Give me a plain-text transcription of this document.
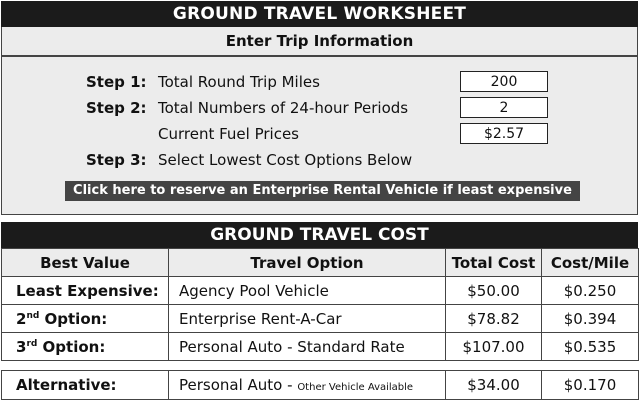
GROUND TRAVEL WORKSHEET
Enter Trip Information
Step 1: Total Round Trip Miles	200
Step 2: Total Numbers of 24-hour Periods	2
Current Fuel Prices	$2.57
Step 3: Select Lowest Cost Options Below
Click here to reserve an Enterprise Rental Vehicle if least expensive
GROUND TRAVEL COST
Best Value	Travel Option	Total Cost	Cost/Mile
Least Expensive:	Agency Pool Vehicle	$50.00	$0.250
2nd Option:	Enterprise Rent-A-Car	$78.82	$0.394
3rd Option:	Personal Auto - Standard Rate	$107.00	$0.535
Alternative:	Personal Auto - Other Vehicle Available	$34.00	$0.170
